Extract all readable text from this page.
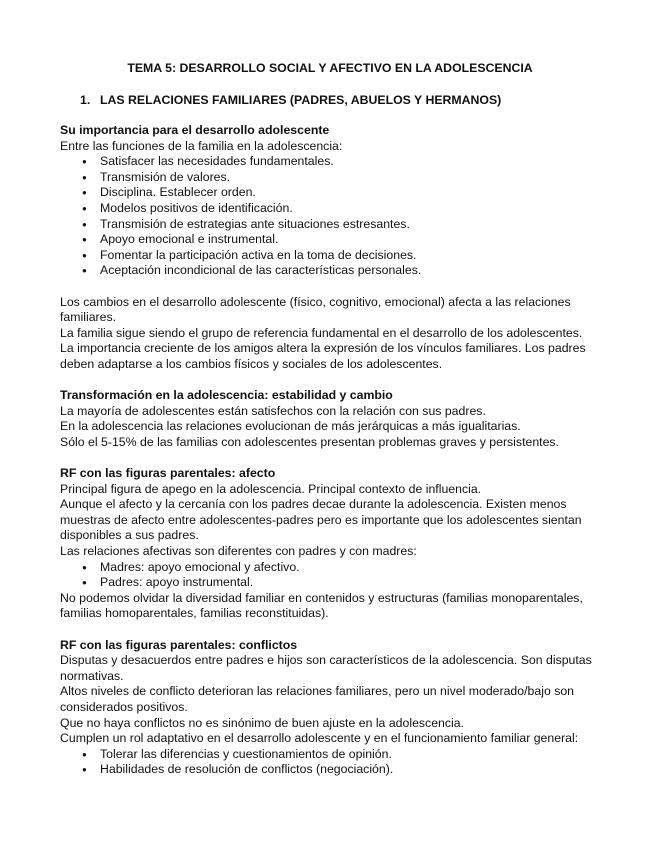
TEMA 5: DESARROLLO SOCIAL Y AFECTIVO EN LA ADOLESCENCIA
1. LAS RELACIONES FAMILIARES (PADRES, ABUELOS Y HERMANOS)
Su importancia para el desarrollo adolescente
Entre las funciones de la familia en la adolescencia:
● Satisfacer las necesidades fundamentales.
● Transmisión de valores.
● Disciplina. Establecer orden.
● Modelos positivos de identificación.
● Transmisión de estrategias ante situaciones estresantes.
● Apoyo emocional e instrumental.
● Fomentar la participación activa en la toma de decisiones.
● Aceptación incondicional de las características personales.
Los cambios en el desarrollo adolescente (físico, cognitivo, emocional) afecta a las relaciones familiares.
La familia sigue siendo el grupo de referencia fundamental en el desarrollo de los adolescentes.
La importancia creciente de los amigos altera la expresión de los vínculos familiares. Los padres deben adaptarse a los cambios físicos y sociales de los adolescentes.
Transformación en la adolescencia: estabilidad y cambio
La mayoría de adolescentes están satisfechos con la relación con sus padres.
En la adolescencia las relaciones evolucionan de más jerárquicas a más igualitarias.
Sólo el 5-15% de las familias con adolescentes presentan problemas graves y persistentes.
RF con las figuras parentales: afecto
Principal figura de apego en la adolescencia. Principal contexto de influencia.
Aunque el afecto y la cercanía con los padres decae durante la adolescencia. Existen menos muestras de afecto entre adolescentes-padres pero es importante que los adolescentes sientan disponibles a sus padres.
Las relaciones afectivas son diferentes con padres y con madres:
● Madres: apoyo emocional y afectivo.
● Padres: apoyo instrumental.
No podemos olvidar la diversidad familiar en contenidos y estructuras (familias monoparentales, familias homoparentales, familias reconstituidas).
RF con las figuras parentales: conflictos
Disputas y desacuerdos entre padres e hijos son característicos de la adolescencia. Son disputas normativas.
Altos niveles de conflicto deterioran las relaciones familiares, pero un nivel moderado/bajo son considerados positivos.
Que no haya conflictos no es sinónimo de buen ajuste en la adolescencia.
Cumplen un rol adaptativo en el desarrollo adolescente y en el funcionamiento familiar general:
● Tolerar las diferencias y cuestionamientos de opinión.
● Habilidades de resolución de conflictos (negociación).
